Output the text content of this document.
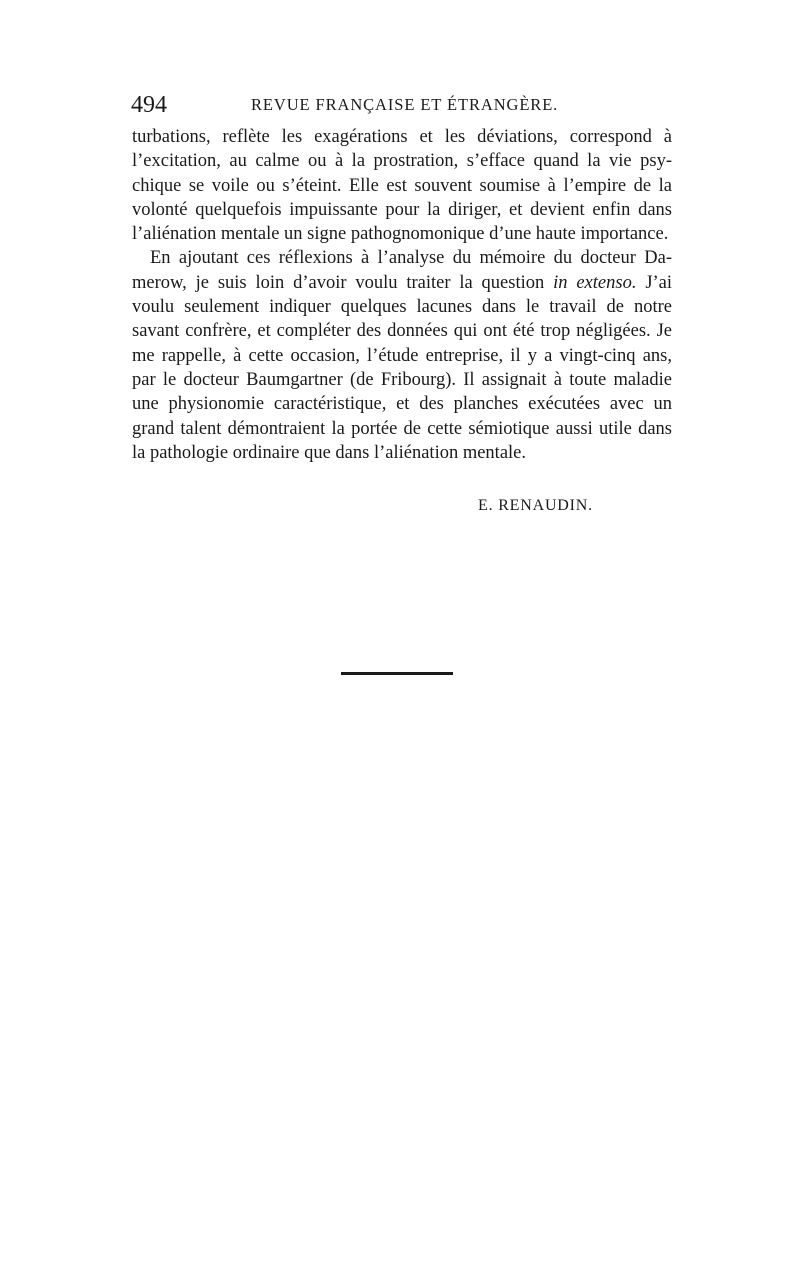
494	REVUE FRANÇAISE ET ÉTRANGÈRE.

turbations, reflète les exagérations et les déviations, correspond à l’excitation, au calme ou à la prostration, s’efface quand la vie psychique se voile ou s’éteint. Elle est souvent soumise à l’empire de la volonté quelquefois impuissante pour la diriger, et devient enfin dans l’aliénation mentale un signe pathognomonique d’une haute importance.

En ajoutant ces réflexions à l’analyse du mémoire du docteur Damerow, je suis loin d’avoir voulu traiter la question in extenso. J’ai voulu seulement indiquer quelques lacunes dans le travail de notre savant confrère, et compléter des données qui ont été trop négligées. Je me rappelle, à cette occasion, l’étude entreprise, il y a vingt-cinq ans, par le docteur Baumgartner (de Fribourg). Il assignait à toute maladie une physionomie caractéristique, et des planches exécutées avec un grand talent démontraient la portée de cette sémiotique aussi utile dans la pathologie ordinaire que dans l’aliénation mentale.

E. RENAUDIN.
